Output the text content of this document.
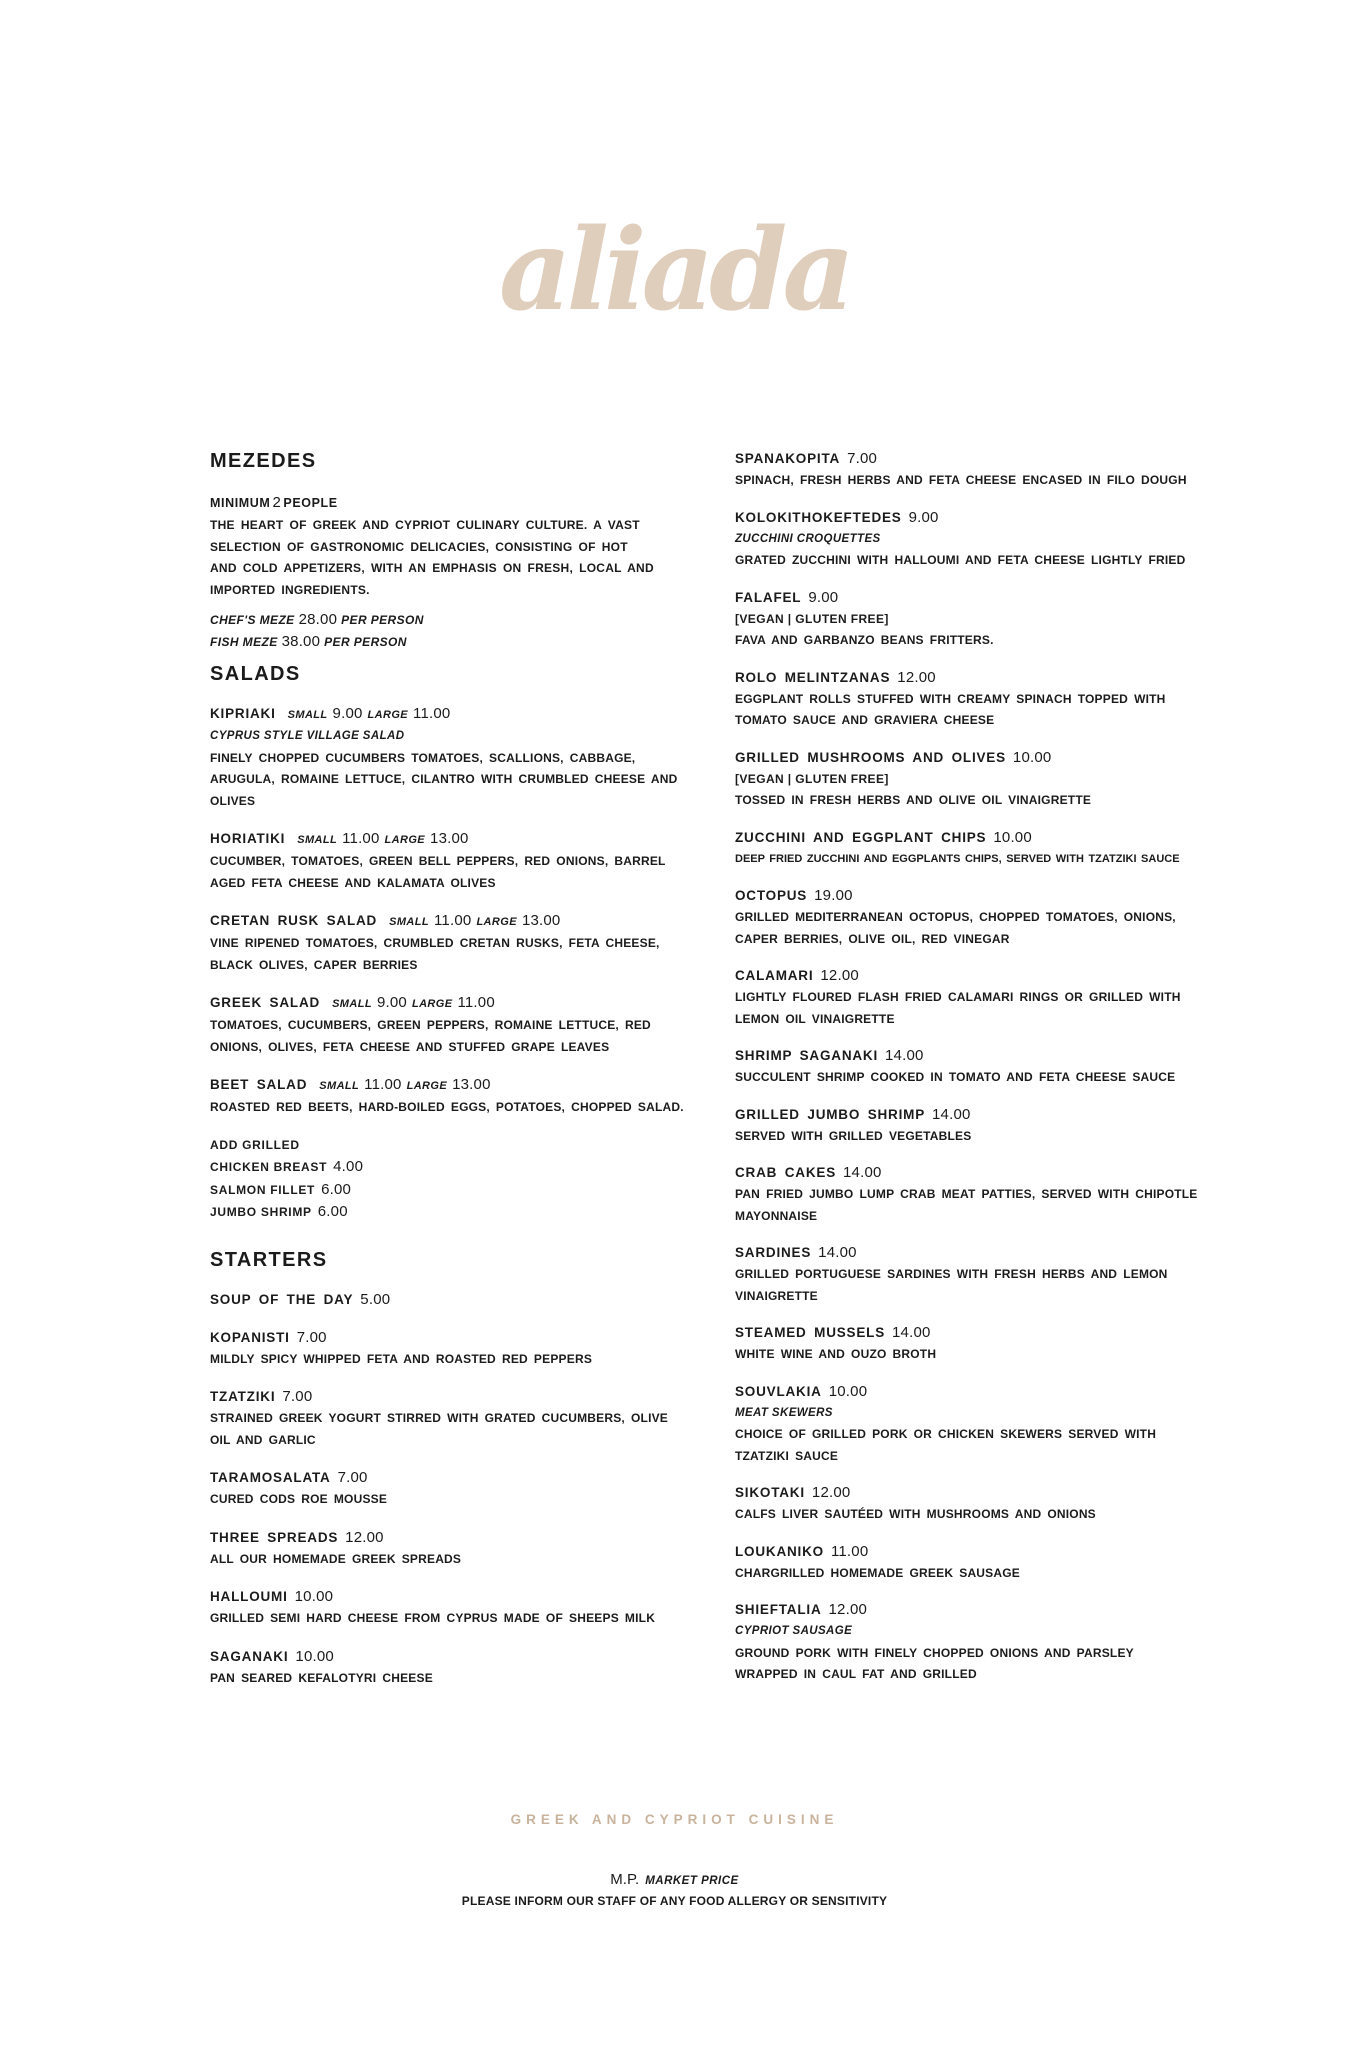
aliada
MEZEDES
MINIMUM 2 PEOPLE
THE HEART OF GREEK AND CYPRIOT CULINARY CULTURE. A VAST
SELECTION OF GASTRONOMIC DELICACIES, CONSISTING OF HOT
AND COLD APPETIZERS, WITH AN EMPHASIS ON FRESH, LOCAL AND
IMPORTED INGREDIENTS.
CHEF'S MEZE 28.00 PER PERSON
FISH MEZE 38.00 PER PERSON
SALADS
KIPRIAKI SMALL 9.00 LARGE 11.00
CYPRUS STYLE VILLAGE SALAD
FINELY CHOPPED CUCUMBERS TOMATOES, SCALLIONS, CABBAGE,
ARUGULA, ROMAINE LETTUCE, CILANTRO WITH CRUMBLED CHEESE AND
OLIVES
HORIATIKI SMALL 11.00 LARGE 13.00
CUCUMBER, TOMATOES, GREEN BELL PEPPERS, RED ONIONS, BARREL
AGED FETA CHEESE AND KALAMATA OLIVES
CRETAN RUSK SALAD SMALL 11.00 LARGE 13.00
VINE RIPENED TOMATOES, CRUMBLED CRETAN RUSKS, FETA CHEESE,
BLACK OLIVES, CAPER BERRIES
GREEK SALAD SMALL 9.00 LARGE 11.00
TOMATOES, CUCUMBERS, GREEN PEPPERS, ROMAINE LETTUCE, RED
ONIONS, OLIVES, FETA CHEESE AND STUFFED GRAPE LEAVES
BEET SALAD SMALL 11.00 LARGE 13.00
ROASTED RED BEETS, HARD-BOILED EGGS, POTATOES, CHOPPED SALAD.
ADD GRILLED
CHICKEN BREAST 4.00
SALMON FILLET 6.00
JUMBO SHRIMP 6.00
STARTERS
SOUP OF THE DAY 5.00
KOPANISTI 7.00
MILDLY SPICY WHIPPED FETA AND ROASTED RED PEPPERS
TZATZIKI 7.00
STRAINED GREEK YOGURT STIRRED WITH GRATED CUCUMBERS, OLIVE
OIL AND GARLIC
TARAMOSALATA 7.00
CURED CODS ROE MOUSSE
THREE SPREADS 12.00
ALL OUR HOMEMADE GREEK SPREADS
HALLOUMI 10.00
GRILLED SEMI HARD CHEESE FROM CYPRUS MADE OF SHEEPS MILK
SAGANAKI 10.00
PAN SEARED KEFALOTYRI CHEESE
SPANAKOPITA 7.00
SPINACH, FRESH HERBS AND FETA CHEESE ENCASED IN FILO DOUGH
KOLOKITHOKEFTEDES 9.00
ZUCCHINI CROQUETTES
GRATED ZUCCHINI WITH HALLOUMI AND FETA CHEESE LIGHTLY FRIED
FALAFEL 9.00
[VEGAN | GLUTEN FREE]
FAVA AND GARBANZO BEANS FRITTERS.
ROLO MELINTZANAS 12.00
EGGPLANT ROLLS STUFFED WITH CREAMY SPINACH TOPPED WITH
TOMATO SAUCE AND GRAVIERA CHEESE
GRILLED MUSHROOMS AND OLIVES 10.00
[VEGAN | GLUTEN FREE]
TOSSED IN FRESH HERBS AND OLIVE OIL VINAIGRETTE
ZUCCHINI AND EGGPLANT CHIPS 10.00
DEEP FRIED ZUCCHINI AND EGGPLANTS CHIPS, SERVED WITH TZATZIKI SAUCE
OCTOPUS 19.00
GRILLED MEDITERRANEAN OCTOPUS, CHOPPED TOMATOES, ONIONS,
CAPER BERRIES, OLIVE OIL, RED VINEGAR
CALAMARI 12.00
LIGHTLY FLOURED FLASH FRIED CALAMARI RINGS OR GRILLED WITH
LEMON OIL VINAIGRETTE
SHRIMP SAGANAKI 14.00
SUCCULENT SHRIMP COOKED IN TOMATO AND FETA CHEESE SAUCE
GRILLED JUMBO SHRIMP 14.00
SERVED WITH GRILLED VEGETABLES
CRAB CAKES 14.00
PAN FRIED JUMBO LUMP CRAB MEAT PATTIES, SERVED WITH CHIPOTLE
MAYONNAISE
SARDINES 14.00
GRILLED PORTUGUESE SARDINES WITH FRESH HERBS AND LEMON
VINAIGRETTE
STEAMED MUSSELS 14.00
WHITE WINE AND OUZO BROTH
SOUVLAKIA 10.00
MEAT SKEWERS
CHOICE OF GRILLED PORK OR CHICKEN SKEWERS SERVED WITH
TZATZIKI SAUCE
SIKOTAKI 12.00
CALFS LIVER SAUTÉED WITH MUSHROOMS AND ONIONS
LOUKANIKO 11.00
CHARGRILLED HOMEMADE GREEK SAUSAGE
SHIEFTALIA 12.00
CYPRIOT SAUSAGE
GROUND PORK WITH FINELY CHOPPED ONIONS AND PARSLEY
WRAPPED IN CAUL FAT AND GRILLED
GREEK AND CYPRIOT CUISINE
M.P. MARKET PRICE
PLEASE INFORM OUR STAFF OF ANY FOOD ALLERGY OR SENSITIVITY
